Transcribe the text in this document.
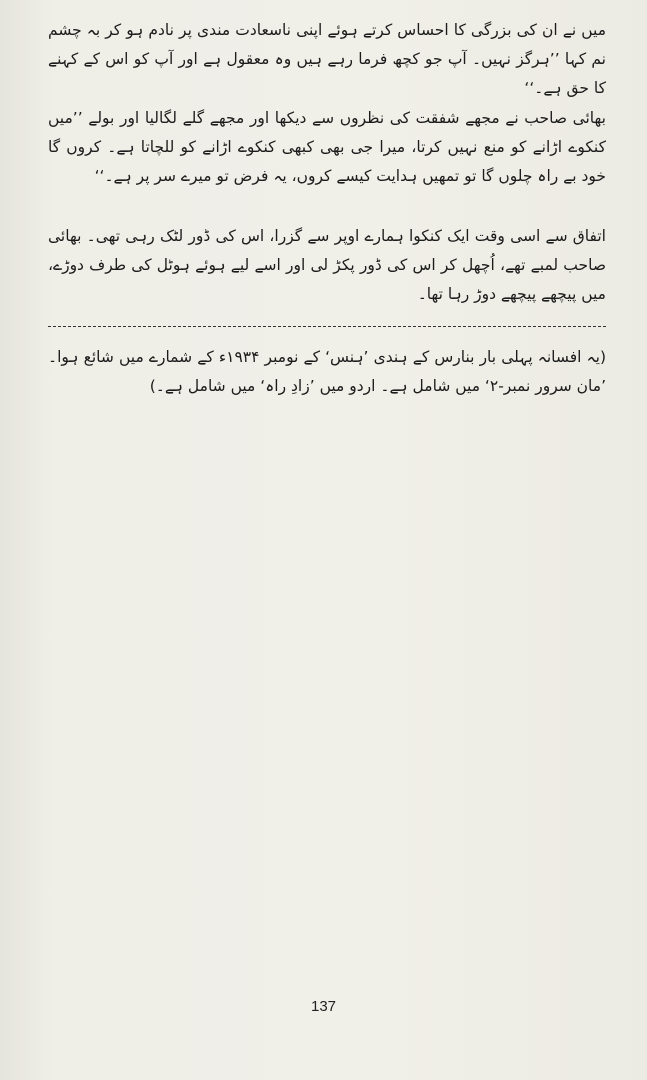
میں نے ان کی بزرگی کا احساس کرتے ہوئے اپنی ناسعادت مندی پر نادم ہو کر بہ چشم نم کہا ’’ہرگز نہیں۔ آپ جو کچھ فرما رہے ہیں وہ معقول ہے اور آپ کو اس کے کہنے کا حق ہے۔‘‘

بھائی صاحب نے مجھے شفقت کی نظروں سے دیکھا اور مجھے گلے لگالیا اور بولے ’’میں کنکوے اڑانے کو منع نہیں کرتا، میرا جی بھی کبھی کنکوے اڑانے کو للچاتا ہے۔ کروں گا خود بے راہ چلوں گا تو تمھیں ہدایت کیسے کروں، یہ فرض تو میرے سر پر ہے۔‘‘

اتفاق سے اسی وقت ایک کنکوا ہمارے اوپر سے گزرا، اس کی ڈور لٹک رہی تھی۔ بھائی صاحب لمبے تھے، اُچھل کر اس کی ڈور پکڑ لی اور اسے لیے ہوئے ہوٹل کی طرف دوڑے، میں پیچھے پیچھے دوڑ رہا تھا۔

(یہ افسانہ پہلی بار بنارس کے ہندی ’ہنس‘ کے نومبر ۱۹۳۴ء کے شمارے میں شائع ہوا۔ ’مان سرور نمبر-۲‘ میں شامل ہے۔ اردو میں ’زادِ راہ‘ میں شامل ہے۔)

137
